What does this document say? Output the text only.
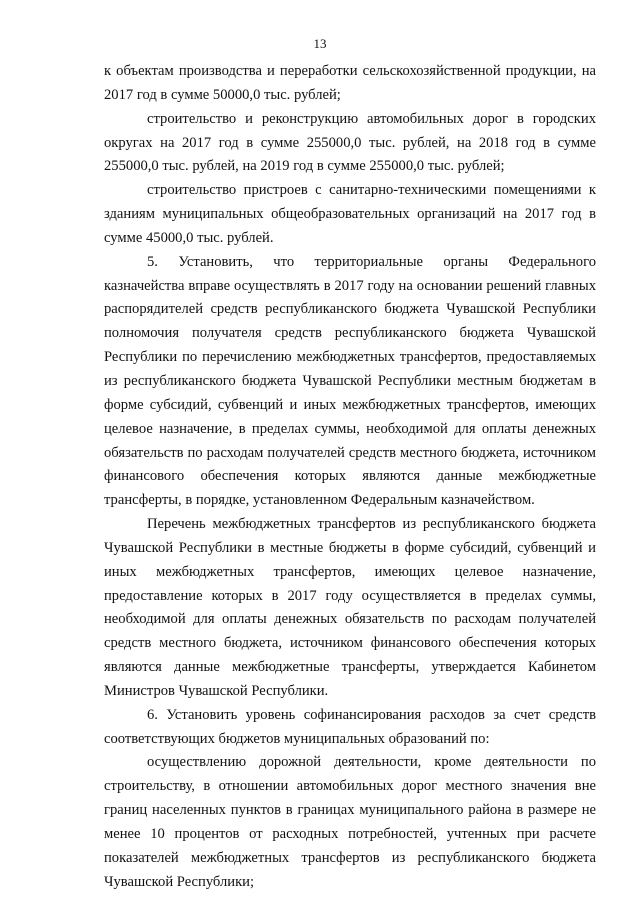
13

к объектам производства и переработки сельскохозяйственной продукции, на 2017 год в сумме 50000,0 тыс. рублей;

строительство и реконструкцию автомобильных дорог в городских округах на 2017 год в сумме 255000,0 тыс. рублей, на 2018 год в сумме 255000,0 тыс. рублей, на 2019 год в сумме 255000,0 тыс. рублей;

строительство пристроев с санитарно-техническими помещениями к зданиям муниципальных общеобразовательных организаций на 2017 год в сумме 45000,0 тыс. рублей.

5. Установить, что территориальные органы Федерального казначейства вправе осуществлять в 2017 году на основании решений главных распорядителей средств республиканского бюджета Чувашской Республики полномочия получателя средств республиканского бюджета Чувашской Республики по перечислению межбюджетных трансфертов, предоставляемых из республиканского бюджета Чувашской Республики местным бюджетам в форме субсидий, субвенций и иных межбюджетных трансфертов, имеющих целевое назначение, в пределах суммы, необходимой для оплаты денежных обязательств по расходам получателей средств местного бюджета, источником финансового обеспечения которых являются данные межбюджетные трансферты, в порядке, установленном Федеральным казначейством.

Перечень межбюджетных трансфертов из республиканского бюджета Чувашской Республики в местные бюджеты в форме субсидий, субвенций и иных межбюджетных трансфертов, имеющих целевое назначение, предоставление которых в 2017 году осуществляется в пределах суммы, необходимой для оплаты денежных обязательств по расходам получателей средств местного бюджета, источником финансового обеспечения которых являются данные межбюджетные трансферты, утверждается Кабинетом Министров Чувашской Республики.

6. Установить уровень софинансирования расходов за счет средств соответствующих бюджетов муниципальных образований по:

осуществлению дорожной деятельности, кроме деятельности по строительству, в отношении автомобильных дорог местного значения вне границ населенных пунктов в границах муниципального района в размере не менее 10 процентов от расходных потребностей, учтенных при расчете показателей межбюджетных трансфертов из республиканского бюджета Чувашской Республики;
